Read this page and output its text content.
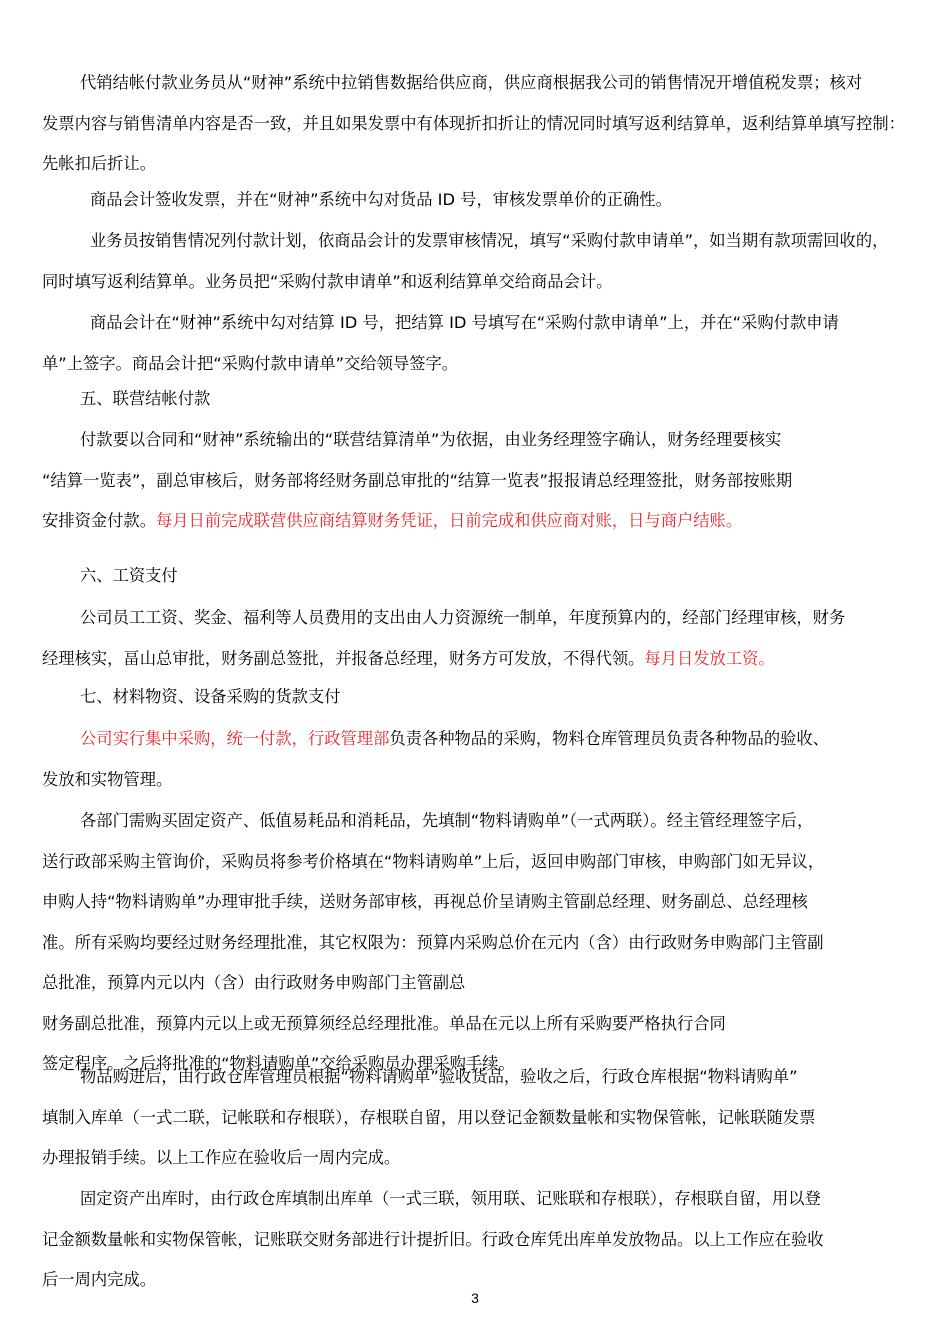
代销结帐付款业务员从“财神”系统中拉销售数据给供应商，供应商根据我公司的销售情况开增值税发票；核对
发票内容与销售清单内容是否一致，并且如果发票中有体现折扣折让的情况同时填写返利结算单，返利结算单填写控制：
先帐扣后折让。
商品会计签收发票，并在“财神”系统中勾对货品 ID 号，审核发票单价的正确性。
业务员按销售情况列付款计划，依商品会计的发票审核情况，填写“采购付款申请单”，如当期有款项需回收的，
同时填写返利结算单。业务员把“采购付款申请单”和返利结算单交给商品会计。
商品会计在“财神”系统中勾对结算 ID 号，把结算 ID 号填写在“采购付款申请单”上，并在“采购付款申请
单”上签字。商品会计把“采购付款申请单”交给领导签字。
五、联营结帐付款
付款要以合同和“财神”系统输出的“联营结算清单”为依据，由业务经理签字确认，财务经理要核实
“结算一览表”，副总审核后，财务部将经财务副总审批的“结算一览表”报报请总经理签批，财务部按账期
安排资金付款。每月日前完成联营供应商结算财务凭证，日前完成和供应商对账，日与商户结账。
六、工资支付
公司员工工资、奖金、福利等人员费用的支出由人力资源统一制单，年度预算内的，经部门经理审核，财务
经理核实，畐山总审批，财务副总签批，并报备总经理，财务方可发放，不得代领。每月日发放工资。
七、材料物资、设备采购的货款支付
公司实行集中采购，统一付款，行政管理部负责各种物品的采购，物料仓库管理员负责各种物品的验收、
发放和实物管理。
各部门需购买固定资产、低值易耗品和消耗品，先填制“物料请购单”（一式两联）。经主管经理签字后，
送行政部采购主管询价，采购员将参考价格填在“物料请购单”上后，返回申购部门审核，申购部门如无异议，
申购人持“物料请购单”办理审批手续，送财务部审核，再视总价呈请购主管副总经理、财务副总、总经理核
准。所有采购均要经过财务经理批准，其它权限为：预算内采购总价在元内（含）由行政财务申购部门主管副
总批准，预算内元以内（含）由行政财务申购部门主管副总
财务副总批准，预算内元以上或无预算须经总经理批准。单品在元以上所有采购要严格执行合同
签定程序。之后将批准的“物料请购单”交给采购员办理采购手续。
物品购进后，由行政仓库管理员根据“物料请购单”验收货品，验收之后，行政仓库根据“物料请购单”
填制入库单（一式二联，记帐联和存根联），存根联自留，用以登记金额数量帐和实物保管帐，记帐联随发票
办理报销手续。以上工作应在验收后一周内完成。
固定资产出库时，由行政仓库填制出库单（一式三联，领用联、记账联和存根联），存根联自留，用以登
记金额数量帐和实物保管帐，记账联交财务部进行计提折旧。行政仓库凭出库单发放物品。以上工作应在验收
后一周内完成。
3
